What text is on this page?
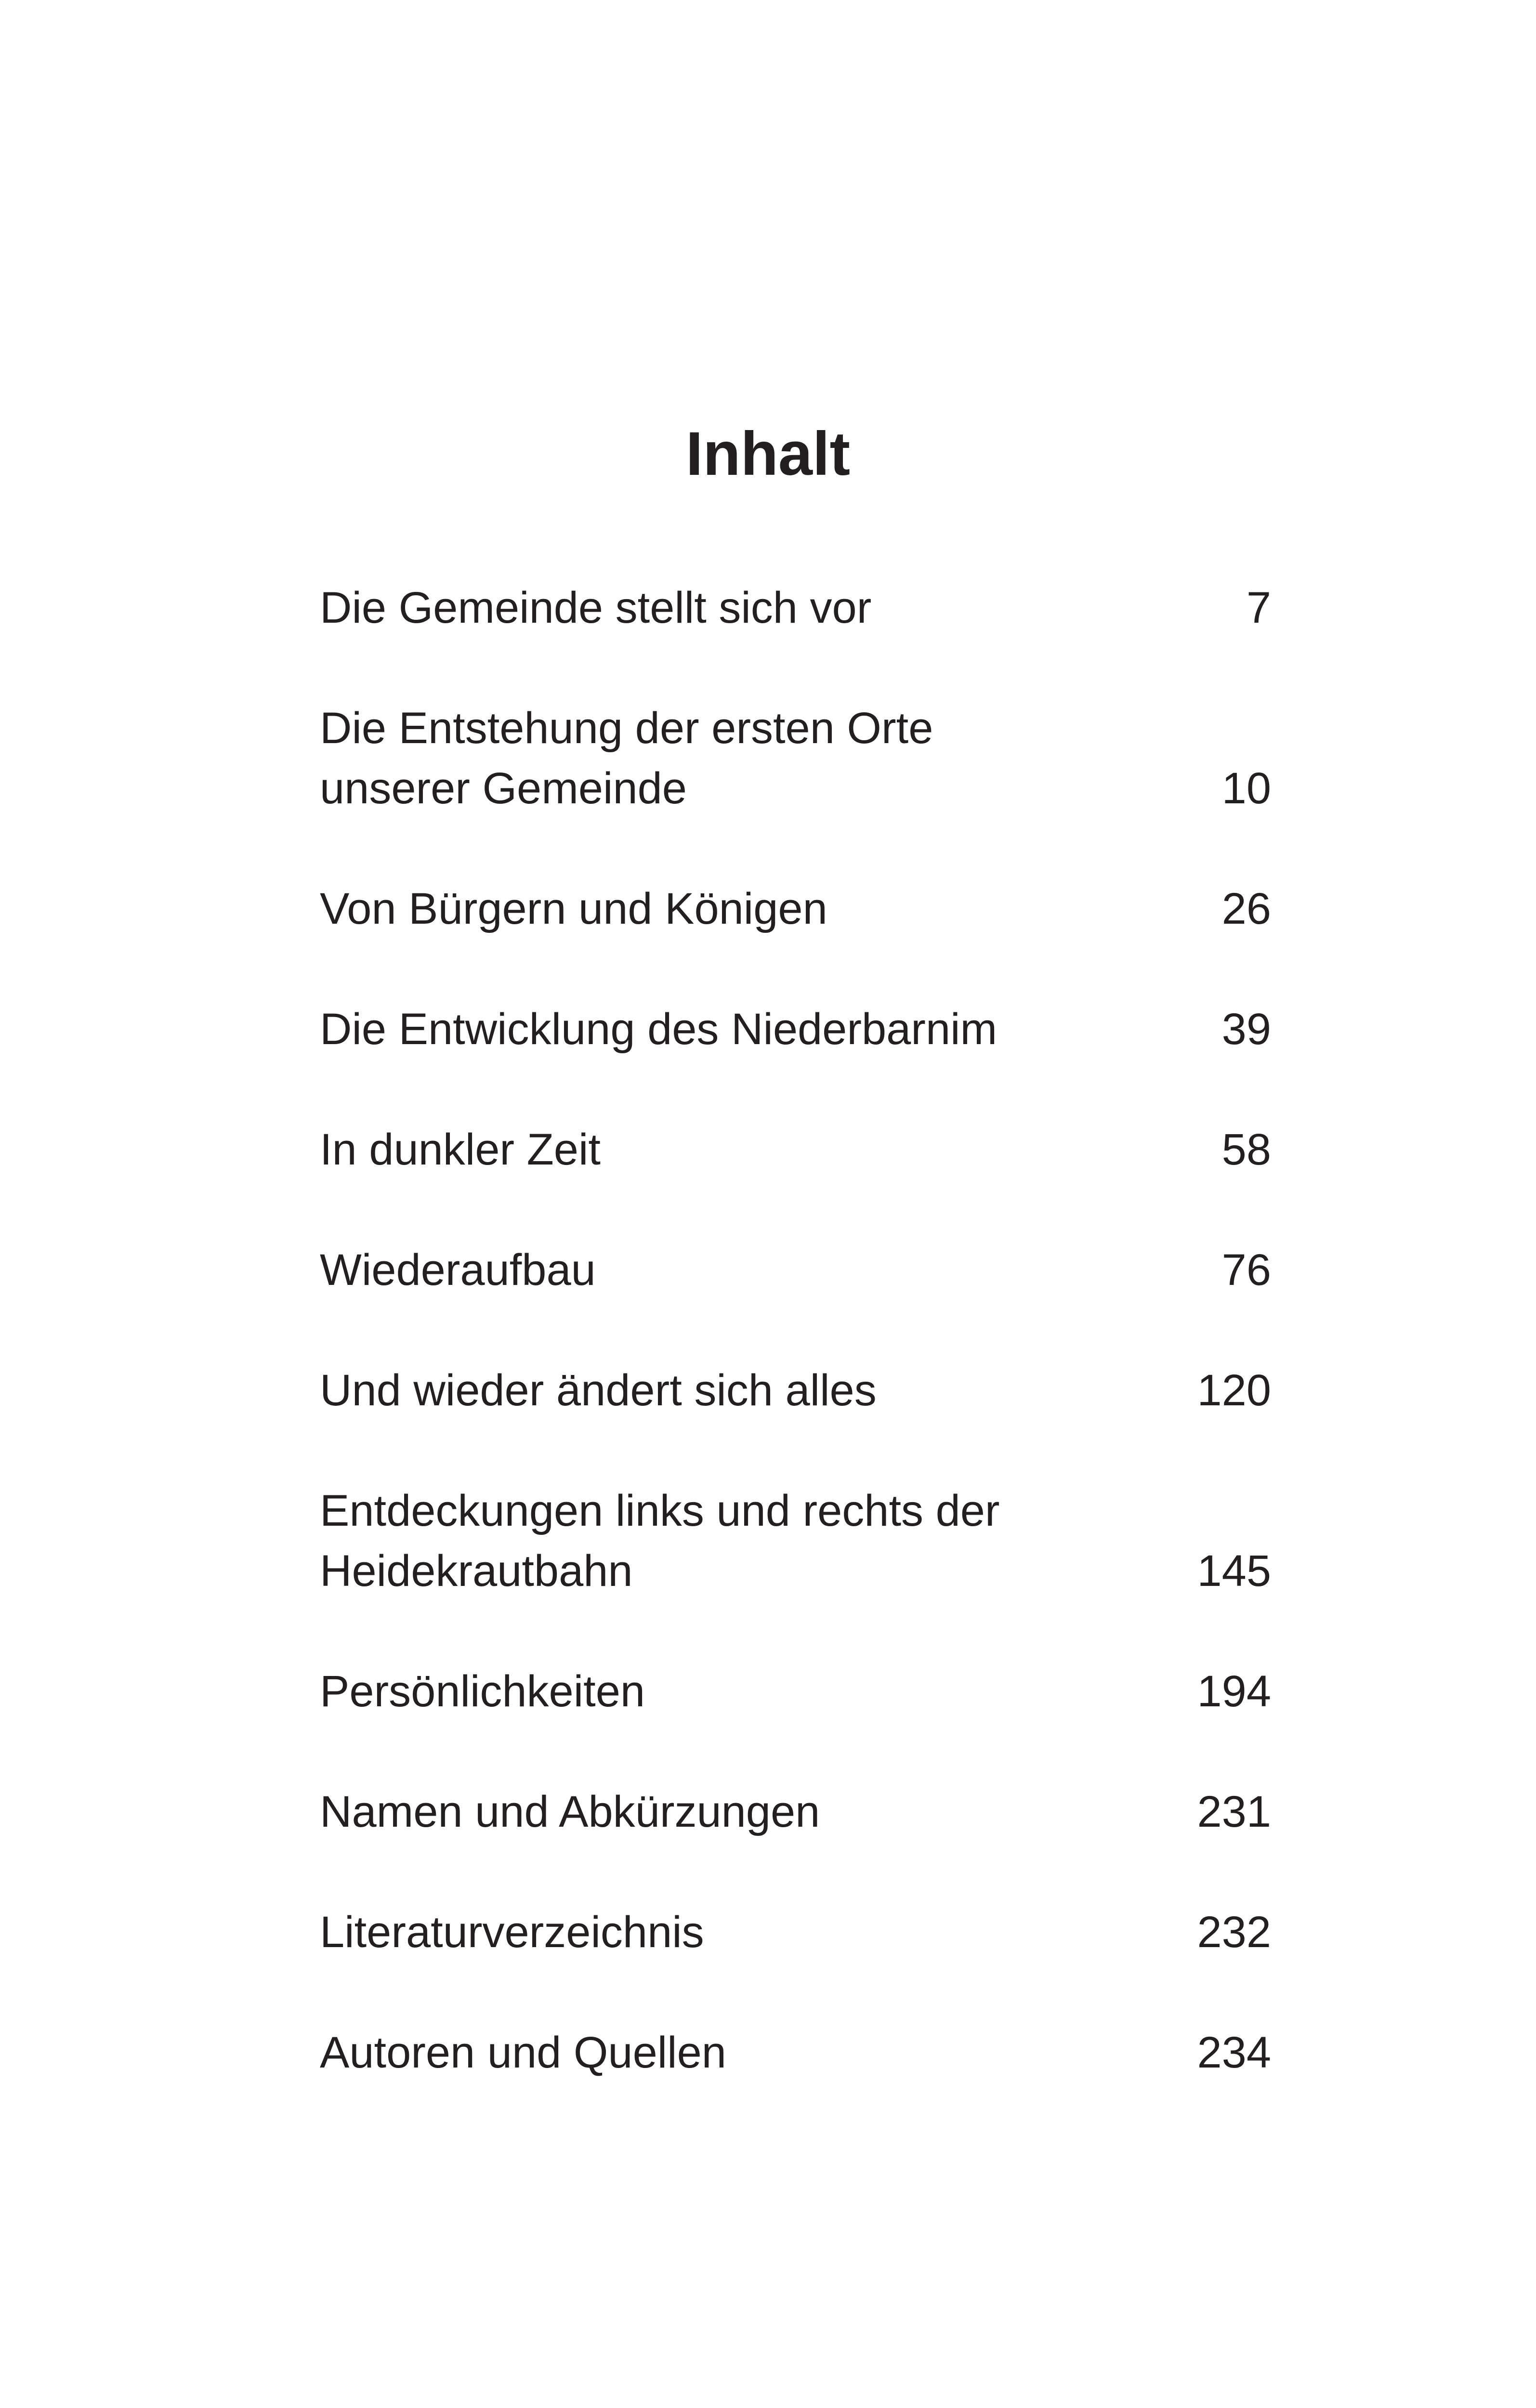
Inhalt
Die Gemeinde stellt sich vor	7
Die Entstehung der ersten Orte
unserer Gemeinde	10
Von Bürgern und Königen	26
Die Entwicklung des Niederbarnim	39
In dunkler Zeit	58
Wiederaufbau	76
Und wieder ändert sich alles	120
Entdeckungen links und rechts der
Heidekrautbahn	145
Persönlichkeiten	194
Namen und Abkürzungen	231
Literaturverzeichnis	232
Autoren und Quellen	234
